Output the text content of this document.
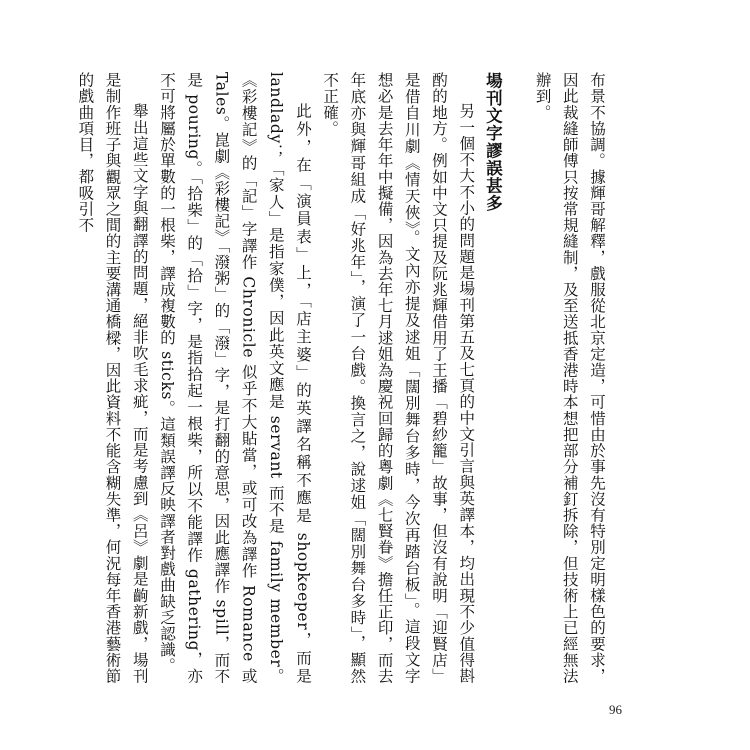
布景不協調。據輝哥解釋，戲服從北京定造，可惜由於事先沒有特別定明樣色的要求，因此裁縫師傅只按常規縫制，及至送抵香港時本想把部分補釘拆除，但技術上已經無法辦到。

場刊文字謬誤甚多

另一個不大不小的問題是場刊第五及七頁的中文引言與英譯本，均出現不少值得斟酌的地方。例如中文只提及阮兆輝借用了王播「碧紗籠」故事，但沒有說明「迎賢店」是借自川劇《情天俠》。文內亦提及逑姐「闊別舞台多時，今次再踏台板」。這段文字想必是去年年中擬備，因為去年七月逑姐為慶祝回歸的粵劇《七賢眷》擔任正印，而去年底亦與輝哥組成「好兆年」，演了一台戲。換言之，說逑姐「闊別舞台多時」，顯然不正確。

此外，在「演員表」上，「店主婆」的英譯名稱不應是 shopkeeper，而是 landlady；「家人」是指家僕，因此英文應是 servant 而不是 family member。《彩樓記》的「記」字譯作 Chronicle 似乎不大貼當，或可改為譯作 Romance 或 Tales。崑劇《彩樓記》「潑粥」的「潑」字，是打翻的意思，因此應譯作 spill，而不是 pouring。「拾柴」的「拾」字，是指拾起一根柴，所以不能譯作 gathering，亦不可將屬於單數的一根柴，譯成複數的 sticks。這類誤譯反映譯者對戲曲缺乏認識。

舉出這些文字與翻譯的問題，絕非吹毛求疵，而是考慮到《呂》劇是齣新戲，場刊是制作班子與觀眾之間的主要溝通橋樑，因此資料不能含糊失準，何況每年香港藝術節的戲曲項目，都吸引不

96
